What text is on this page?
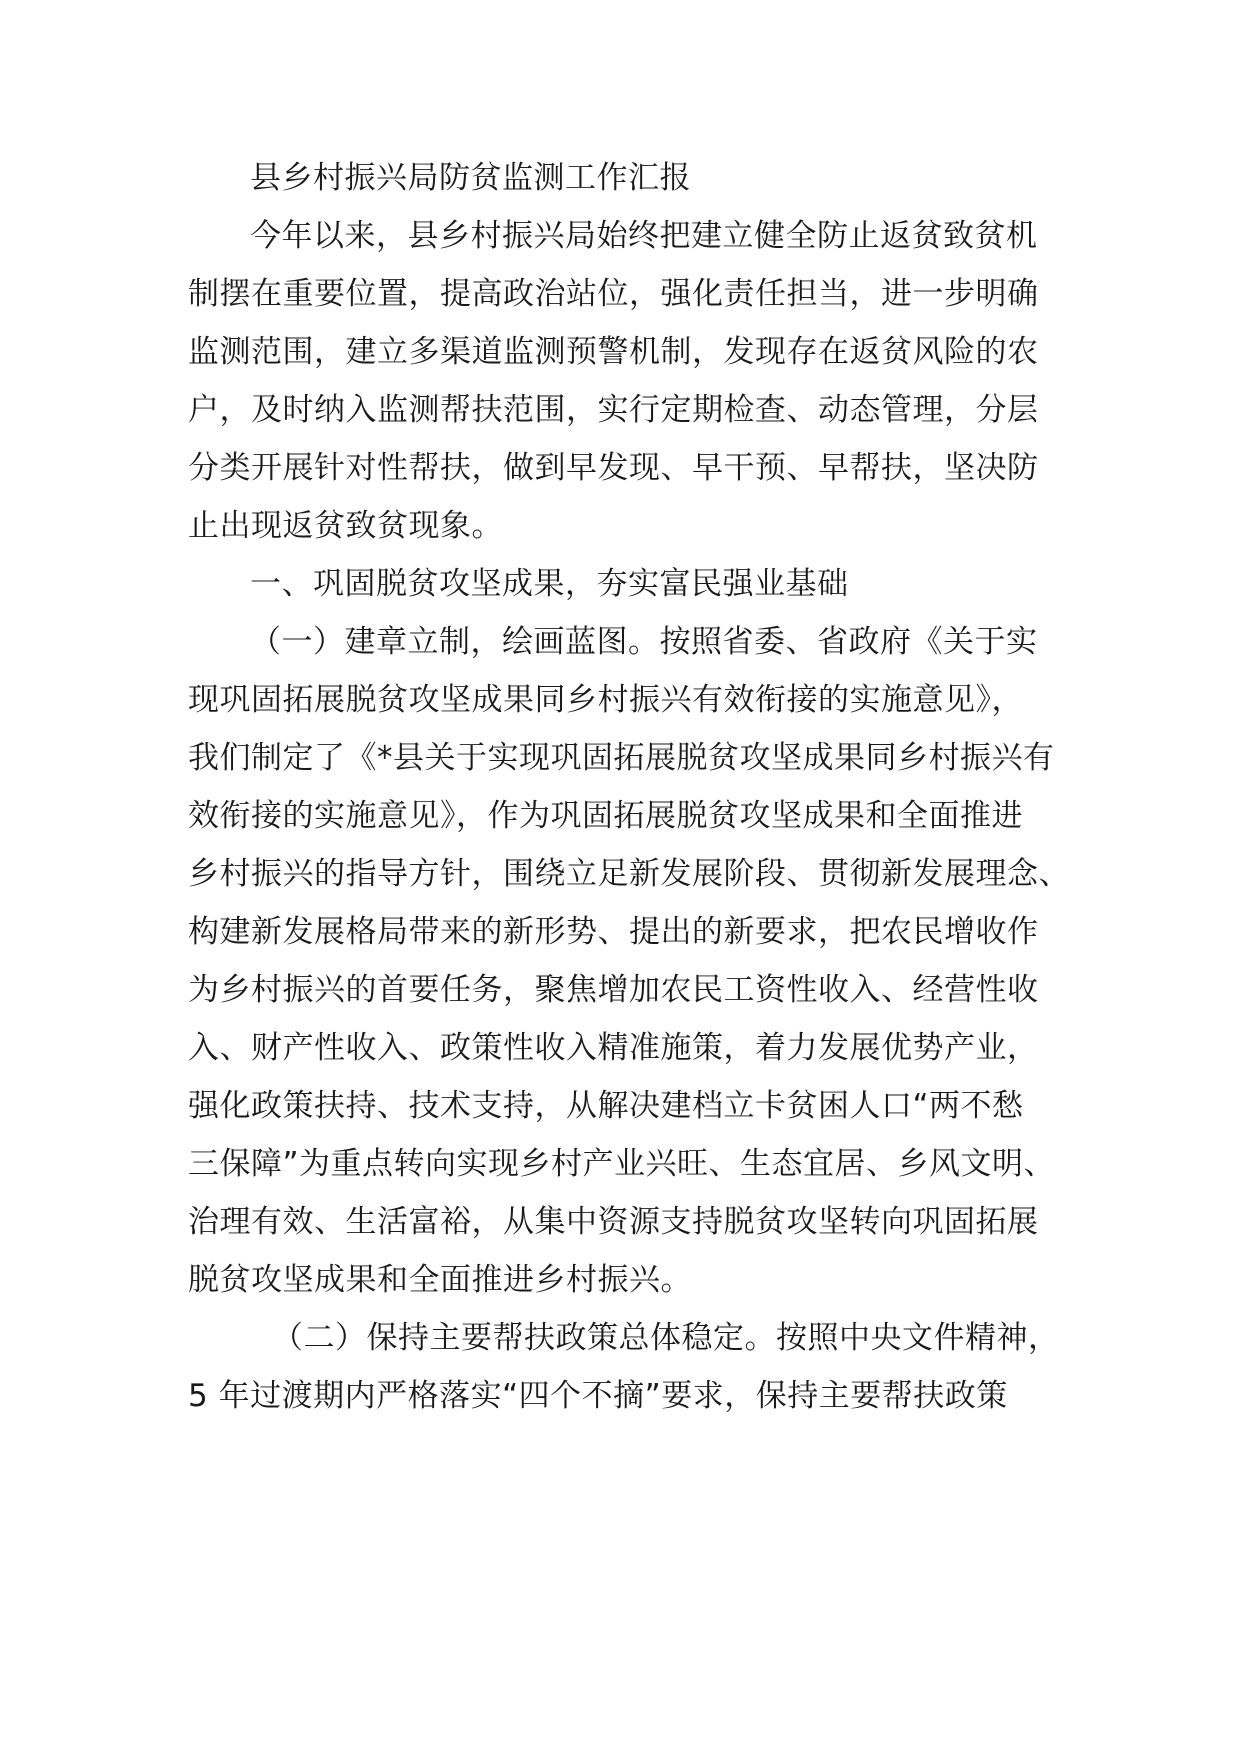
县乡村振兴局防贫监测工作汇报
今年以来，县乡村振兴局始终把建立健全防止返贫致贫机
制摆在重要位置，提高政治站位，强化责任担当，进一步明确
监测范围，建立多渠道监测预警机制，发现存在返贫风险的农
户，及时纳入监测帮扶范围，实行定期检查、动态管理，分层
分类开展针对性帮扶，做到早发现、早干预、早帮扶，坚决防
止出现返贫致贫现象。
一、巩固脱贫攻坚成果，夯实富民强业基础
（一）建章立制，绘画蓝图。按照省委、省政府《关于实
现巩固拓展脱贫攻坚成果同乡村振兴有效衔接的实施意见》，
我们制定了《*县关于实现巩固拓展脱贫攻坚成果同乡村振兴有
效衔接的实施意见》，作为巩固拓展脱贫攻坚成果和全面推进
乡村振兴的指导方针，围绕立足新发展阶段、贯彻新发展理念、
构建新发展格局带来的新形势、提出的新要求，把农民增收作
为乡村振兴的首要任务，聚焦增加农民工资性收入、经营性收
入、财产性收入、政策性收入精准施策，着力发展优势产业，
强化政策扶持、技术支持，从解决建档立卡贫困人口“两不愁
三保障”为重点转向实现乡村产业兴旺、生态宜居、乡风文明、
治理有效、生活富裕，从集中资源支持脱贫攻坚转向巩固拓展
脱贫攻坚成果和全面推进乡村振兴。
（二）保持主要帮扶政策总体稳定。按照中央文件精神，
5 年过渡期内严格落实“四个不摘”要求，保持主要帮扶政策
